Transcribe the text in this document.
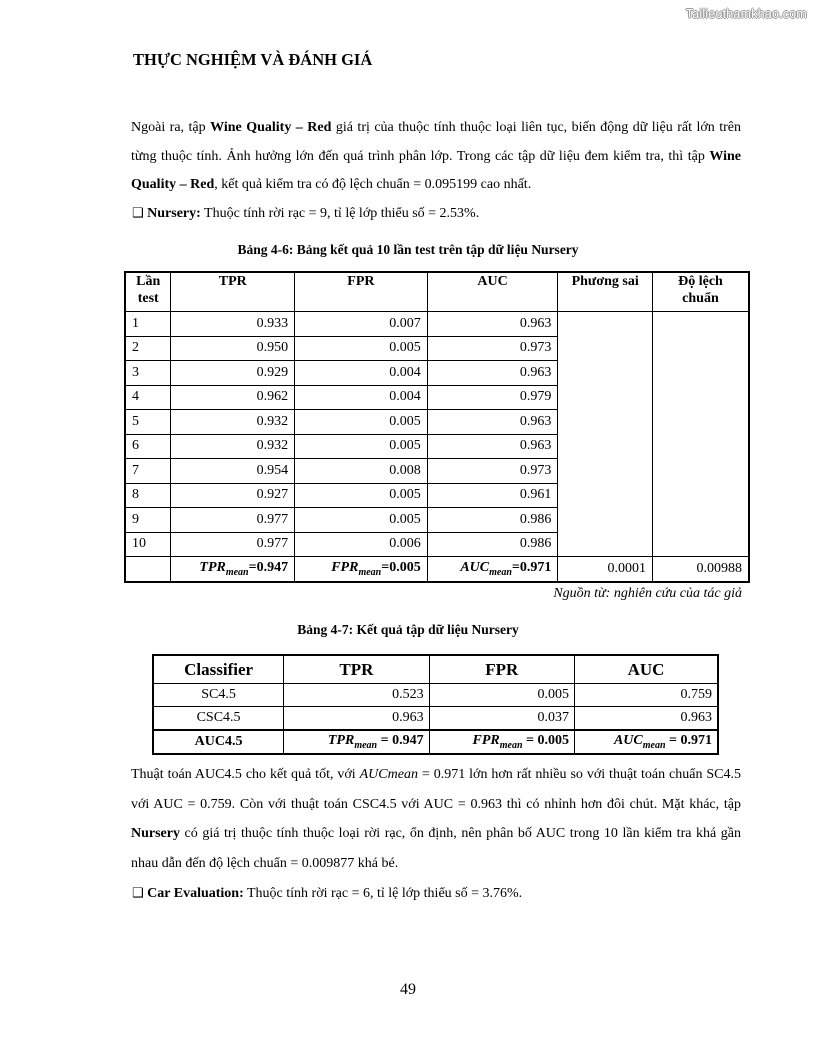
Tailieuthamkhao.com
THỰC NGHIỆM VÀ ĐÁNH GIÁ
Ngoài ra, tập Wine Quality – Red giá trị của thuộc tính thuộc loại liên tục, biến động dữ liệu rất lớn trên từng thuộc tính. Ảnh hưởng lớn đến quá trình phân lớp. Trong các tập dữ liệu đem kiểm tra, thì tập Wine Quality – Red, kết quả kiểm tra có độ lệch chuẩn = 0.095199 cao nhất.
❑ Nursery: Thuộc tính rời rạc = 9, tỉ lệ lớp thiểu số = 2.53%.
Bảng 4-6: Bảng kết quả 10 lần test trên tập dữ liệu Nursery
Lần test	TPR	FPR	AUC	Phương sai	Độ lệch chuẩn
1	0.933	0.007	0.963		
2	0.950	0.005	0.973		
3	0.929	0.004	0.963		
4	0.962	0.004	0.979		
5	0.932	0.005	0.963		
6	0.932	0.005	0.963		
7	0.954	0.008	0.973		
8	0.927	0.005	0.961		
9	0.977	0.005	0.986		
10	0.977	0.006	0.986		
	$TPR_{mean}=0.947$	$FPR_{mean}=0.005$	$AUC_{mean}=0.971$	0.0001	0.00988
Nguồn từ: nghiên cứu của tác giả
Bảng 4-7: Kết quả tập dữ liệu Nursery
Classifier	TPR	FPR	AUC
SC4.5	0.523	0.005	0.759
CSC4.5	0.963	0.037	0.963
AUC4.5	$TPR_{mean} = 0.947$	$FPR_{mean} = 0.005$	$AUC_{mean} = 0.971$
Thuật toán AUC4.5 cho kết quả tốt, với AUCmean = 0.971 lớn hơn rất nhiều so với thuật toán chuẩn SC4.5 với AUC = 0.759. Còn với thuật toán CSC4.5 với AUC = 0.963 thì có nhỉnh hơn đôi chút. Mặt khác, tập Nursery có giá trị thuộc tính thuộc loại rời rạc, ổn định, nên phân bố AUC trong 10 lần kiểm tra khá gần nhau dẫn đến độ lệch chuẩn = 0.009877 khá bé.
❑ Car Evaluation: Thuộc tính rời rạc = 6, tỉ lệ lớp thiểu số = 3.76%.
49
